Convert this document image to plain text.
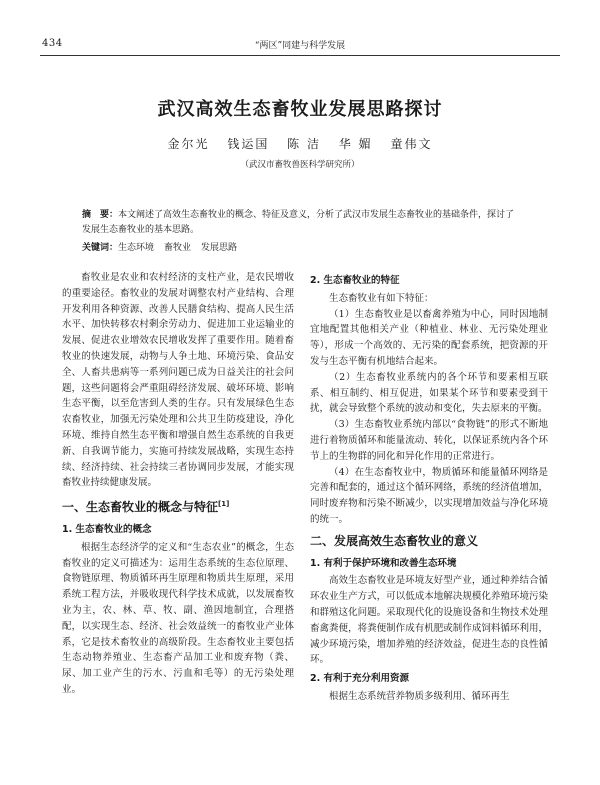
434	“两区”同建与科学发展
武汉高效生态畜牧业发展思路探讨
金尔光 钱运国 陈 洁 华 媚 童伟文
（武汉市畜牧兽医科学研究所）
摘　要：本文阐述了高效生态畜牧业的概念、特征及意义，分析了武汉市发展生态畜牧业的基础条件，探讨了发展生态畜牧业的基本思路。
关键词：生态环境 畜牧业 发展思路

畜牧业是农业和农村经济的支柱产业，是农民增收的重要途径。畜牧业的发展对调整农村产业结构、合理开发利用各种资源、改善人民膳食结构、提高人民生活水平、加快转移农村剩余劳动力、促进加工业运输业的发展、促进农业增效农民增收发挥了重要作用。随着畜牧业的快速发展，动物与人争土地、环境污染、食品安全、人畜共患病等一系列问题已成为日益关注的社会问题，这些问题将会严重阻碍经济发展、破坏环境、影响生态平衡，以至危害到人类的生存。只有发展绿色生态农畜牧业，加强无污染处理和公共卫生防疫建设，净化环境、维持自然生态平衡和增强自然生态系统的自我更新、自我调节能力，实施可持续发展战略，实现生态持续、经济持续、社会持续三者协调同步发展，才能实现畜牧业持续健康发展。

一、生态畜牧业的概念与特征[1]
1. 生态畜牧业的概念

根据生态经济学的定义和“生态农业”的概念，生态畜牧业的定义可描述为：运用生态系统的生态位原理、食物链原理、物质循环再生原理和物质共生原理，采用系统工程方法，并吸收现代科学技术成就，以发展畜牧业为主，农、林、草、牧、副、渔因地制宜，合理搭配，以实现生态、经济、社会效益统一的畜牧业产业体系，它是技术畜牧业的高级阶段。生态畜牧业主要包括生态动物养殖业、生态畜产品加工业和废弃物（粪、尿、加工业产生的污水、污血和毛等）的无污染处理业。

2. 生态畜牧业的特征

生态畜牧业有如下特征：

（1）生态畜牧业是以畜禽养殖为中心，同时因地制宜地配置其他相关产业（种植业、林业、无污染处理业等），形成一个高效的、无污染的配套系统，把资源的开发与生态平衡有机地结合起来。

（2）生态畜牧业系统内的各个环节和要素相互联系、相互制约、相互促进，如果某个环节和要素受到干扰，就会导致整个系统的波动和变化，失去原来的平衡。

（3）生态畜牧业系统内部以“食物链”的形式不断地进行着物质循环和能量流动、转化，以保证系统内各个环节上的生物群的同化和异化作用的正常进行。

（4）在生态畜牧业中，物质循环和能量循环网络是完善和配套的，通过这个循环网络，系统的经济值增加，同时废弃物和污染不断减少，以实现增加效益与净化环境的统一。

二、发展高效生态畜牧业的意义
1. 有利于保护环境和改善生态环境

高效生态畜牧业是环境友好型产业，通过种养结合循环农业生产方式，可以低成本地解决规模化养殖环境污染和群殖这化问题。采取现代化的设施设备和生物技术处理畜禽粪便，将粪便制作成有机肥或制作成饲料循环利用，减少环境污染，增加养殖的经济效益，促进生态的良性循环。

2. 有利于充分利用资源

根据生态系统营养物质多级利用、循环再生
